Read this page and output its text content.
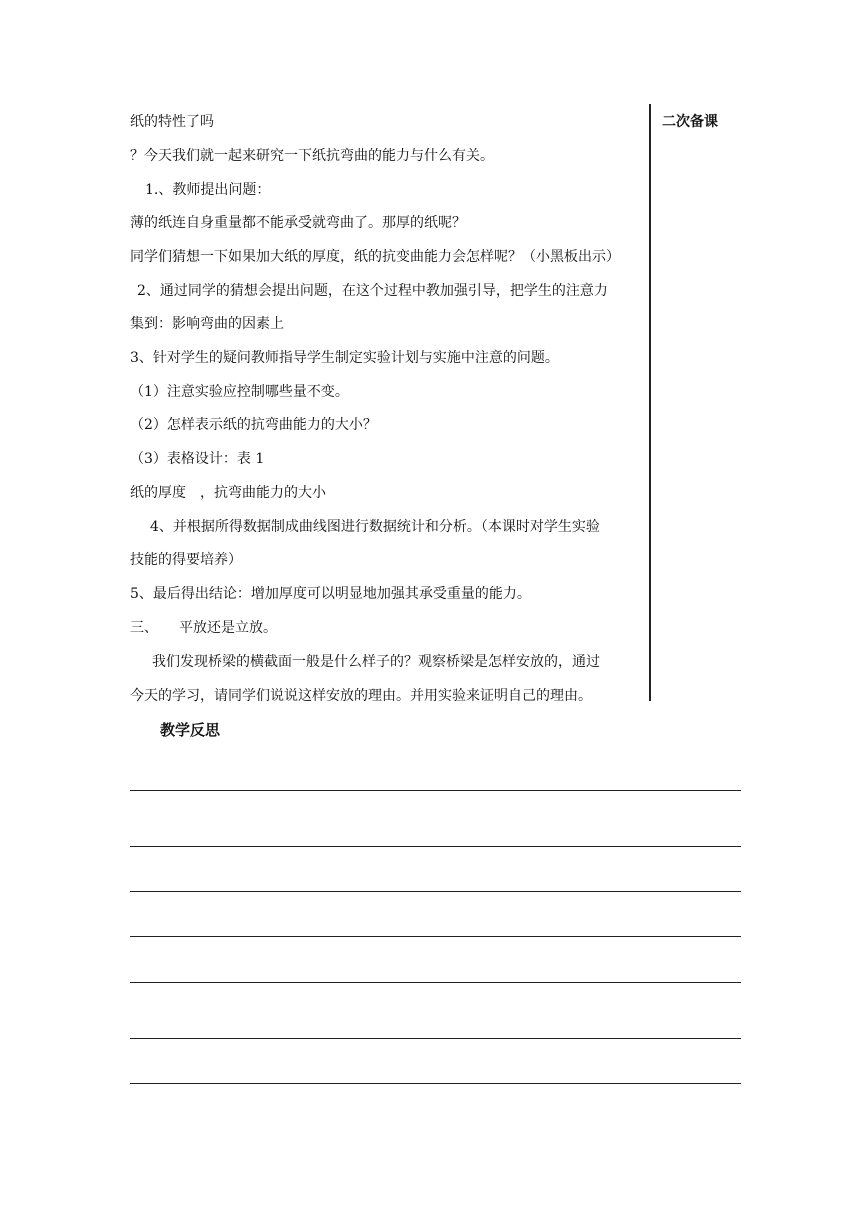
纸的特性了吗
？今天我们就一起来研究一下纸抗弯曲的能力与什么有关。
1.、教师提出问题：
薄的纸连自身重量都不能承受就弯曲了。那厚的纸呢？
同学们猜想一下如果加大纸的厚度，纸的抗变曲能力会怎样呢？（小黑板出示）
2、通过同学的猜想会提出问题，在这个过程中教加强引导，把学生的注意力
集到：影响弯曲的因素上
3、针对学生的疑问教师指导学生制定实验计划与实施中注意的问题。
（1）注意实验应控制哪些量不变。
（2）怎样表示纸的抗弯曲能力的大小？
（3）表格设计：表 1
纸的厚度　，抗弯曲能力的大小
4、并根据所得数据制成曲线图进行数据统计和分析。（本课时对学生实验
技能的得要培养）
5、最后得出结论：增加厚度可以明显地加强其承受重量的能力。
三、　　平放还是立放。
我们发现桥梁的横截面一般是什么样子的？观察桥梁是怎样安放的，通过
今天的学习，请同学们说说这样安放的理由。并用实验来证明自己的理由。
二次备课
教学反思
